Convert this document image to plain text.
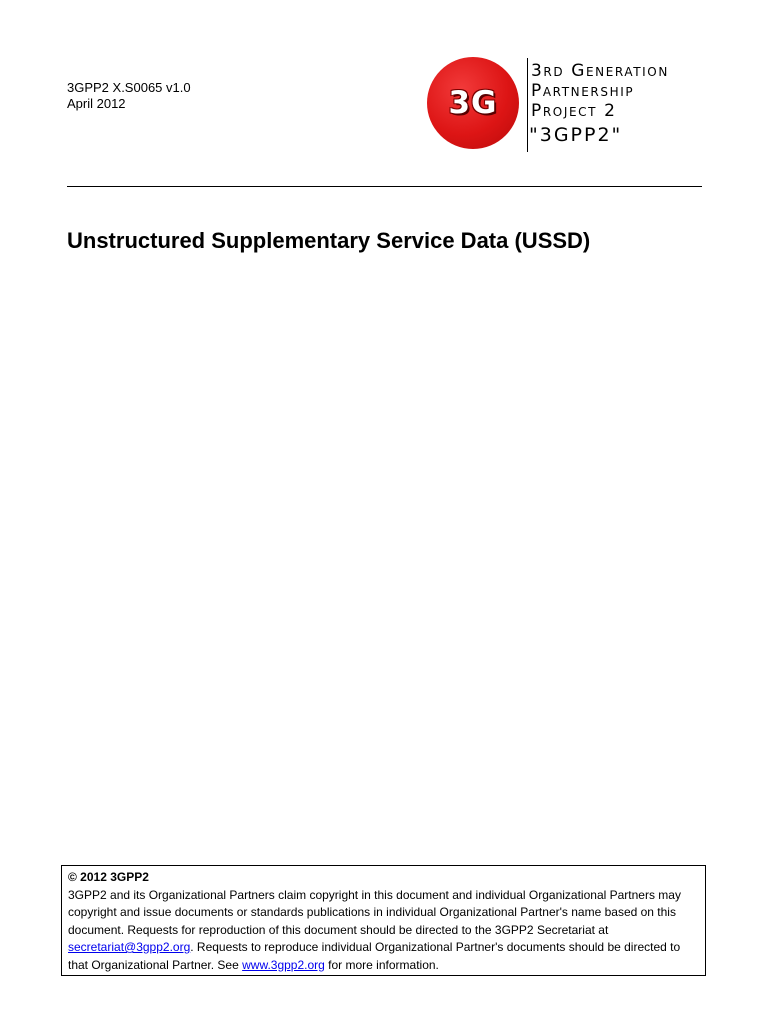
3GPP2 X.S0065 v1.0
April 2012	3G
3rd Generation
Partnership
Project 2
"3GPP2"
Unstructured Supplementary Service Data (USSD)
© 2012 3GPP2
3GPP2 and its Organizational Partners claim copyright in this document and individual Organizational Partners may copyright and issue documents or standards publications in individual Organizational Partner's name based on this document. Requests for reproduction of this document should be directed to the 3GPP2 Secretariat at secretariat@3gpp2.org. Requests to reproduce individual Organizational Partner's documents should be directed to that Organizational Partner. See www.3gpp2.org for more information.
